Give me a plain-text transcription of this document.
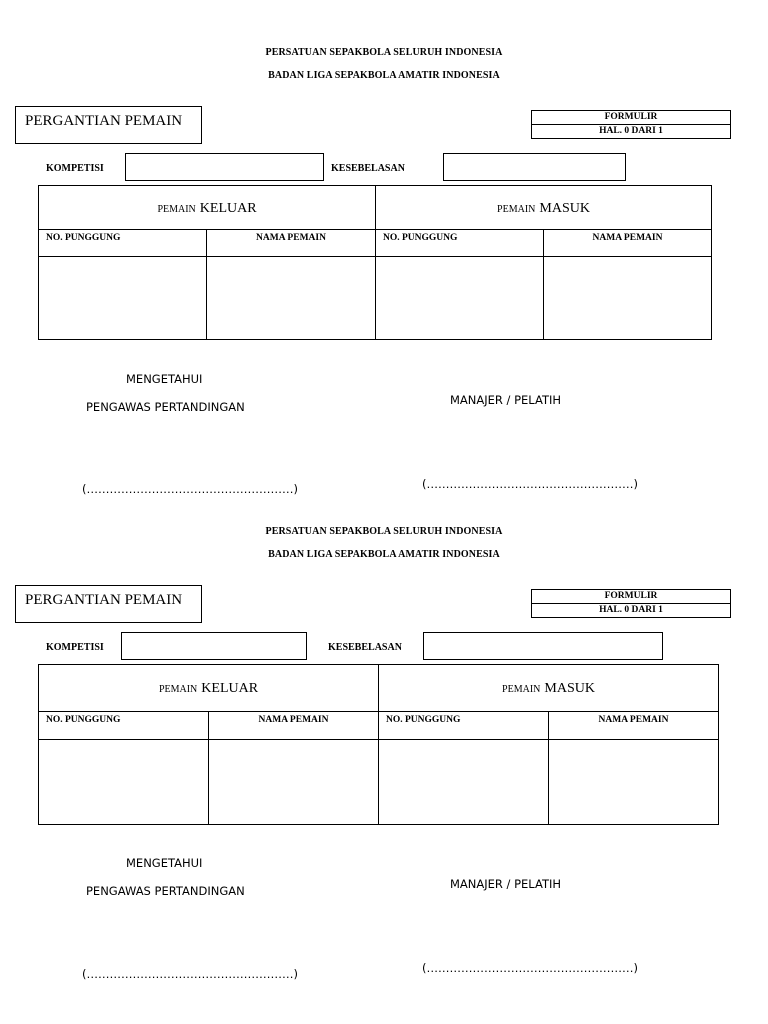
PERSATUAN SEPAKBOLA SELURUH INDONESIA
BADAN LIGA SEPAKBOLA AMATIR INDONESIA
PERGANTIAN PEMAIN	FORMULIR
HAL. 0 DARI 1
KOMPETISI	KESEBELASAN
PEMAIN KELUAR		PEMAIN MASUK	
NO. PUNGGUNG	NAMA PEMAIN	NO. PUNGGUNG	NAMA PEMAIN

MENGETAHUI
PENGAWAS PERTANDINGAN	MANAJER / PELATIH
(………………………………………………)	(………………………………………………)
PERSATUAN SEPAKBOLA SELURUH INDONESIA
BADAN LIGA SEPAKBOLA AMATIR INDONESIA
PERGANTIAN PEMAIN	FORMULIR
HAL. 0 DARI 1
KOMPETISI	KESEBELASAN
PEMAIN KELUAR		PEMAIN MASUK	
NO. PUNGGUNG	NAMA PEMAIN	NO. PUNGGUNG	NAMA PEMAIN

MENGETAHUI
PENGAWAS PERTANDINGAN	MANAJER / PELATIH
(………………………………………………)	(………………………………………………)
